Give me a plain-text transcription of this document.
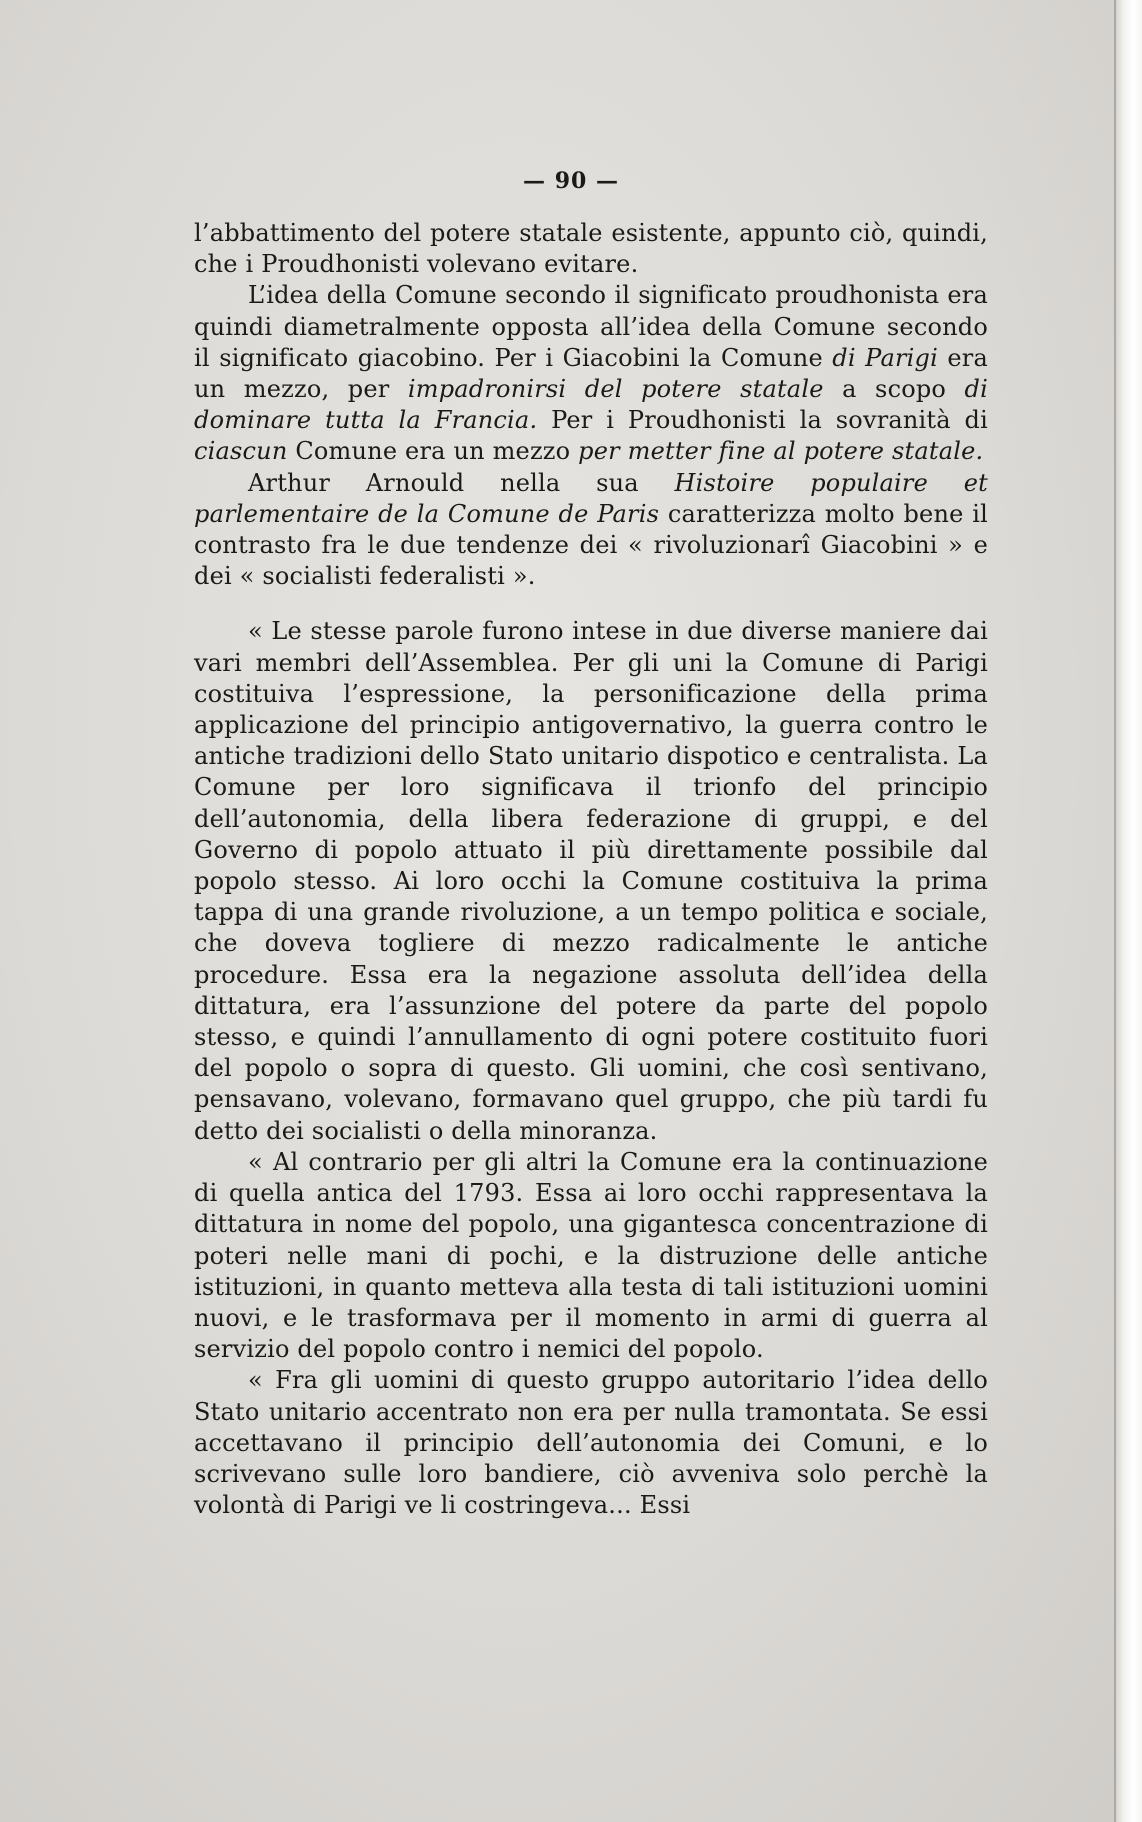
— 90 —

l’abbattimento del potere statale esistente, appunto ciò, quindi, che i Proudhonisti volevano evitare.

L’idea della Comune secondo il significato proudhonista era quindi diametralmente opposta all’idea della Comune secondo il significato giacobino. Per i Giacobini la Comune di Parigi era un mezzo, per impadronirsi del potere statale a scopo di dominare tutta la Francia. Per i Proudhonisti la sovranità di ciascun Comune era un mezzo per metter fine al potere statale.

Arthur Arnould nella sua Histoire populaire et parlementaire de la Comune de Paris caratterizza molto bene il contrasto fra le due tendenze dei « rivoluzionarî Giacobini » e dei « socialisti federalisti ».

« Le stesse parole furono intese in due diverse maniere dai vari membri dell’Assemblea. Per gli uni la Comune di Parigi costituiva l’espressione, la personificazione della prima applicazione del principio antigovernativo, la guerra contro le antiche tradizioni dello Stato unitario dispotico e centralista. La Comune per loro significava il trionfo del principio dell’autonomia, della libera federazione di gruppi, e del Governo di popolo attuato il più direttamente possibile dal popolo stesso. Ai loro occhi la Comune costituiva la prima tappa di una grande rivoluzione, a un tempo politica e sociale, che doveva togliere di mezzo radicalmente le antiche procedure. Essa era la negazione assoluta dell’idea della dittatura, era l’assunzione del potere da parte del popolo stesso, e quindi l’annullamento di ogni potere costituito fuori del popolo o sopra di questo. Gli uomini, che così sentivano, pensavano, volevano, formavano quel gruppo, che più tardi fu detto dei socialisti o della minoranza.

« Al contrario per gli altri la Comune era la continuazione di quella antica del 1793. Essa ai loro occhi rappresentava la dittatura in nome del popolo, una gigantesca concentrazione di poteri nelle mani di pochi, e la distruzione delle antiche istituzioni, in quanto metteva alla testa di tali istituzioni uomini nuovi, e le trasformava per il momento in armi di guerra al servizio del popolo contro i nemici del popolo.

« Fra gli uomini di questo gruppo autoritario l’idea dello Stato unitario accentrato non era per nulla tramontata. Se essi accettavano il principio dell’autonomia dei Comuni, e lo scrivevano sulle loro bandiere, ciò avveniva solo perchè la volontà di Parigi ve li costringeva... Essi
